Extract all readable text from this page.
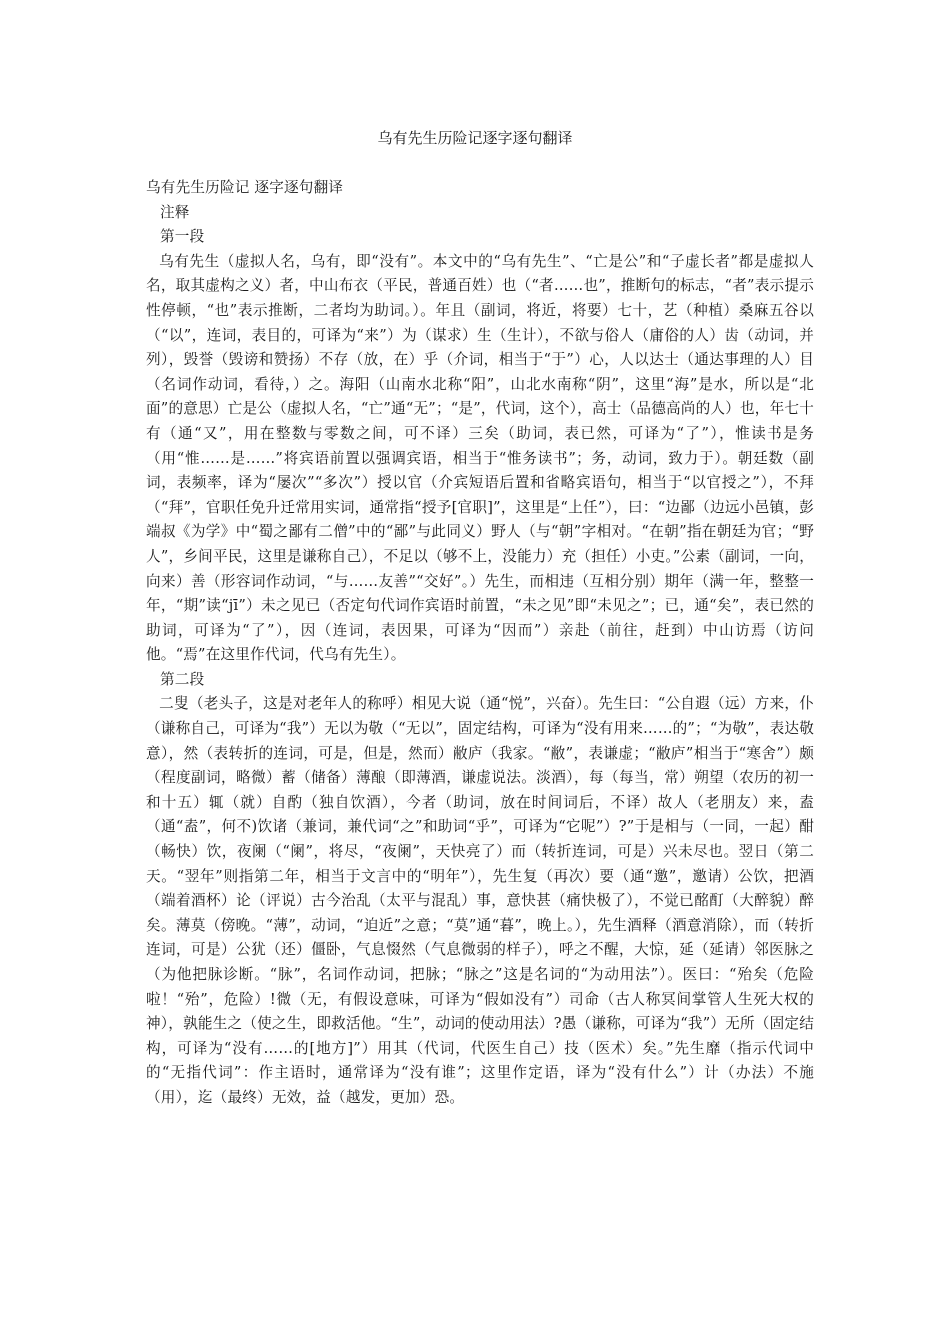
乌有先生历险记逐字逐句翻译

乌有先生历险记 逐字逐句翻译

注释

第一段

乌有先生（虚拟人名，乌有，即“没有”。本文中的“乌有先生”、“亡是公”和“子虚长者”都是虚拟人名，取其虚构之义）者，中山布衣（平民，普通百姓）也（“者……也”，推断句的标志，“者”表示提示性停顿，“也”表示推断，二者均为助词。）。年且（副词，将近，将要）七十，艺（种植）桑麻五谷以（“以”，连词，表目的，可译为“来”）为（谋求）生（生计），不欲与俗人（庸俗的人）齿（动词，并列），毁誉（毁谤和赞扬）不存（放，在）乎（介词，相当于“于”）心，人以达士（通达事理的人）目（名词作动词，看待，）之。海阳（山南水北称“阳”，山北水南称“阴”，这里“海”是水，所以是“北面”的意思）亡是公（虚拟人名，“亡”通“无”；“是”，代词，这个），高士（品德高尚的人）也，年七十有（通“又”，用在整数与零数之间，可不译）三矣（助词，表已然，可译为“了”），惟读书是务（用“惟……是……”将宾语前置以强调宾语，相当于“惟务读书”；务，动词，致力于）。朝廷数（副词，表频率，译为“屡次”“多次”）授以官（介宾短语后置和省略宾语句，相当于“以官授之”），不拜（“拜”，官职任免升迁常用实词，通常指“授予[官职]”，这里是“上任”），曰：“边鄙（边远小邑镇，彭端叔《为学》中“蜀之鄙有二僧”中的“鄙”与此同义）野人（与“朝”字相对。“在朝”指在朝廷为官；“野人”，乡间平民，这里是谦称自己），不足以（够不上，没能力）充（担任）小吏。”公素（副词，一向，向来）善（形容词作动词，“与……友善”“交好”。）先生，而相违（互相分别）期年（满一年，整整一年，“期”读“jī”）未之见已（否定句代词作宾语时前置，“未之见”即“未见之”；已，通“矣”，表已然的助词，可译为“了”），因（连词，表因果，可译为“因而”）亲赴（前往，赶到）中山访焉（访问他。“焉”在这里作代词，代乌有先生）。

第二段

二叟（老头子，这是对老年人的称呼）相见大说（通“悦”，兴奋）。先生曰：“公自遐（远）方来，仆（谦称自己，可译为“我”）无以为敬（“无以”，固定结构，可译为“没有用来……的”；“为敬”，表达敬意），然（表转折的连词，可是，但是，然而）敝庐（我家。“敝”，表谦虚；“敝庐”相当于“寒舍”）颇（程度副词，略微）蓄（储备）薄酿（即薄酒，谦虚说法。淡酒），每（每当，常）朔望（农历的初一和十五）辄（就）自酌（独自饮酒），今者（助词，放在时间词后，不译）故人（老朋友）来，盍（通“盍”，何不)饮诸（兼词，兼代词“之”和助词“乎”，可译为“它呢”）?”于是相与（一同，一起）酣（畅快）饮，夜阑（“阑”，将尽，“夜阑”，天快亮了）而（转折连词，可是）兴未尽也。翌日（第二天。“翌年”则指第二年，相当于文言中的“明年”），先生复（再次）要（通“邀”，邀请）公饮，把酒（端着酒杯）论（评说）古今治乱（太平与混乱）事，意快甚（痛快极了），不觉已酩酊（大醉貌）醉矣。薄莫（傍晚。“薄”，动词，“迫近”之意；“莫”通“暮”，晚上。），先生酒释（酒意消除），而（转折连词，可是）公犹（还）僵卧，气息惙然（气息微弱的样子），呼之不醒，大惊，延（延请）邻医脉之（为他把脉诊断。“脉”，名词作动词，把脉；“脉之”这是名词的“为动用法”）。医曰：“殆矣（危险啦！“殆”，危险）!微（无，有假设意味，可译为“假如没有”）司命（古人称冥间掌管人生死大权的神），孰能生之（使之生，即救活他。“生”，动词的使动用法）?愚（谦称，可译为“我”）无所（固定结构，可译为“没有……的[地方]”）用其（代词，代医生自己）技（医术）矣。”先生靡（指示代词中的“无指代词”：作主语时，通常译为“没有谁”；这里作定语，译为“没有什么”）计（办法）不施（用），迄（最终）无效，益（越发，更加）恐。
